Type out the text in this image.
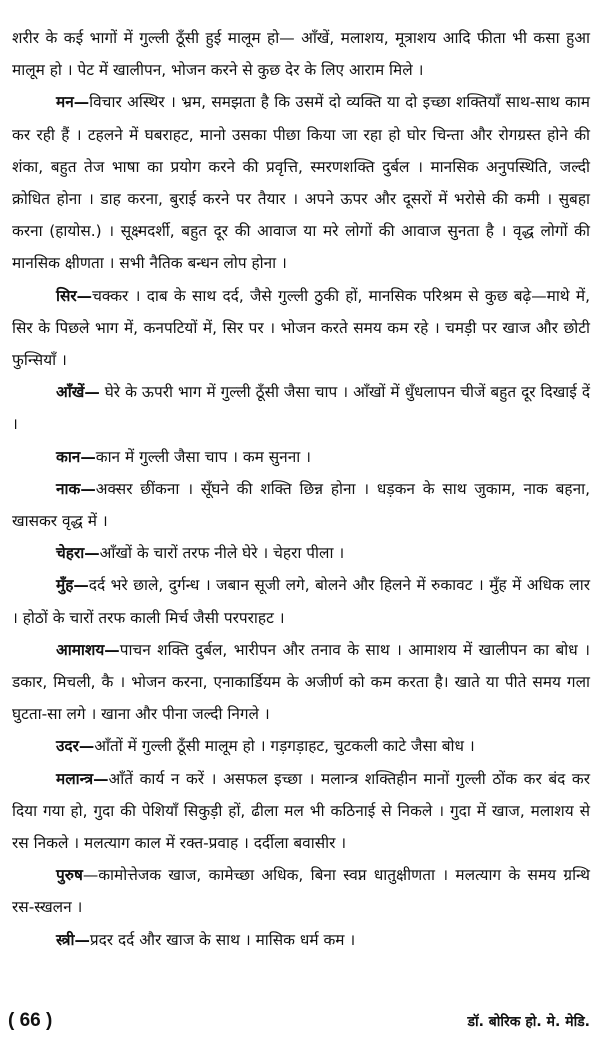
शरीर के कई भागों में गुल्ली ठूँसी हुई मालूम हो— आँखें, मलाशय, मूत्राशय आदि फीता भी कसा हुआ मालूम हो । पेट में खालीपन, भोजन करने से कुछ देर के लिए आराम मिले ।

मन—विचार अस्थिर । भ्रम, समझता है कि उसमें दो व्यक्ति या दो इच्छा शक्तियाँ साथ-साथ काम कर रही हैं । टहलने में घबराहट, मानो उसका पीछा किया जा रहा हो घोर चिन्ता और रोगग्रस्त होने की शंका, बहुत तेज भाषा का प्रयोग करने की प्रवृत्ति, स्मरणशक्ति दुर्बल । मानसिक अनुपस्थिति, जल्दी क्रोधित होना । डाह करना, बुराई करने पर तैयार । अपने ऊपर और दूसरों में भरोसे की कमी । सुबहा करना (हायोस.) । सूक्ष्मदर्शी, बहुत दूर की आवाज या मरे लोगों की आवाज सुनता है । वृद्ध लोगों की मानसिक क्षीणता । सभी नैतिक बन्धन लोप होना ।

सिर—चक्कर । दाब के साथ दर्द, जैसे गुल्ली ठुकी हों, मानसिक परिश्रम से कुछ बढ़े—माथे में, सिर के पिछले भाग में, कनपटियों में, सिर पर । भोजन करते समय कम रहे । चमड़ी पर खाज और छोटी फुन्सियाँ ।

आँखें— घेरे के ऊपरी भाग में गुल्ली ठूँसी जैसा चाप । आँखों में धुँधलापन चीजें बहुत दूर दिखाई दें ।

कान—कान में गुल्ली जैसा चाप । कम सुनना ।

नाक—अक्सर छींकना । सूँघने की शक्ति छिन्न होना । धड़कन के साथ जुकाम, नाक बहना, खासकर वृद्ध में ।

चेहरा—आँखों के चारों तरफ नीले घेरे । चेहरा पीला ।

मुँह—दर्द भरे छाले, दुर्गन्ध । जबान सूजी लगे, बोलने और हिलने में रुकावट । मुँह में अधिक लार । होठों के चारों तरफ काली मिर्च जैसी परपराहट ।

आमाशय—पाचन शक्ति दुर्बल, भारीपन और तनाव के साथ । आमाशय में खालीपन का बोध । डकार, मिचली, कै । भोजन करना, एनाकार्डियम के अजीर्ण को कम करता है। खाते या पीते समय गला घुटता-सा लगे । खाना और पीना जल्दी निगले ।

उदर—आँतों में गुल्ली ठूँसी मालूम हो । गड़गड़ाहट, चुटकली काटे जैसा बोध ।

मलान्त्र—आँतें कार्य न करें । असफल इच्छा । मलान्त्र शक्तिहीन मानों गुल्ली ठोंक कर बंद कर दिया गया हो, गुदा की पेशियाँ सिकुड़ी हों, ढीला मल भी कठिनाई से निकले । गुदा में खाज, मलाशय से रस निकले । मलत्याग काल में रक्त-प्रवाह । दर्दीला बवासीर ।

पुरुष—कामोत्तेजक खाज, कामेच्छा अधिक, बिना स्वप्न धातुक्षीणता । मलत्याग के समय ग्रन्थि रस-स्खलन ।

स्त्री—प्रदर दर्द और खाज के साथ । मासिक धर्म कम ।

( 66 )	डॉ. बोरिक हो. मे. मेडि.
